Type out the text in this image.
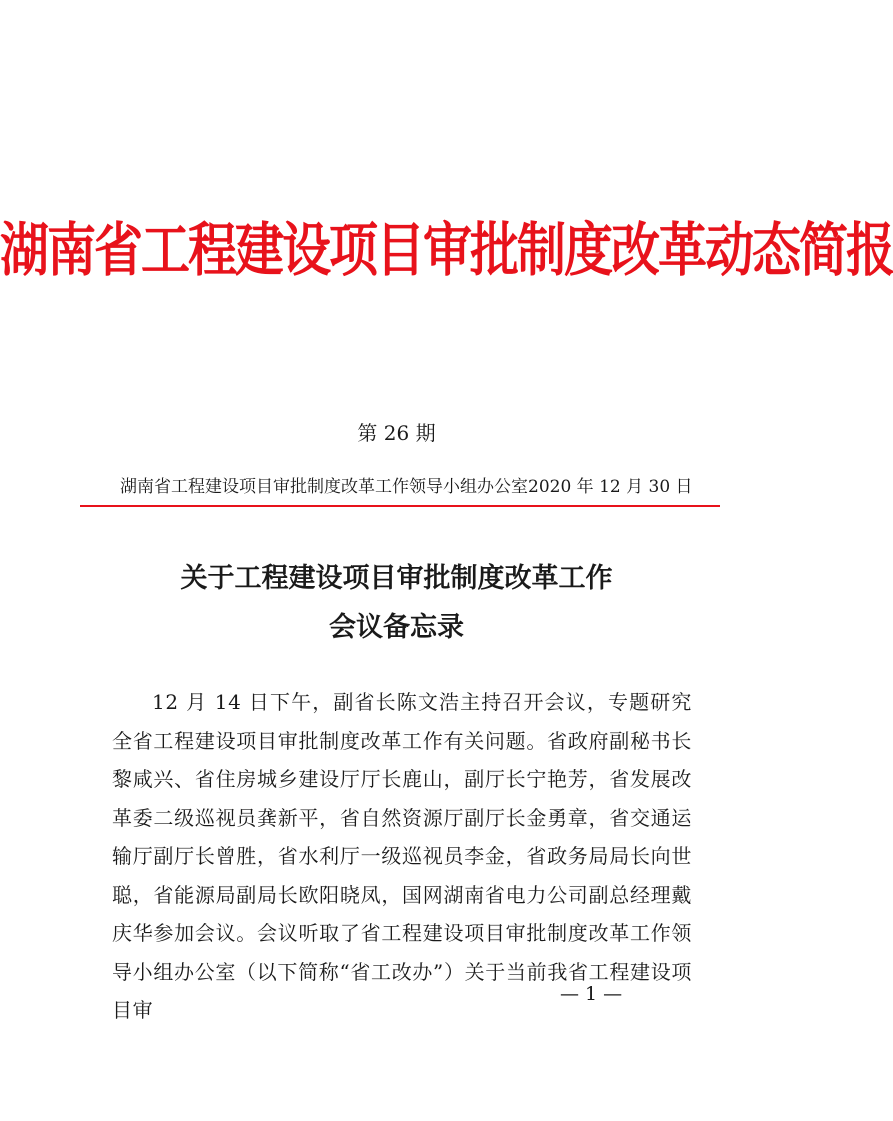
湖南省工程建设项目审批制度改革动态简报
第 26 期
湖南省工程建设项目审批制度改革工作领导小组办公室 2020 年 12 月 30 日
关于工程建设项目审批制度改革工作
会议备忘录

12 月 14 日下午，副省长陈文浩主持召开会议，专题研究全省工程建设项目审批制度改革工作有关问题。省政府副秘书长黎咸兴、省住房城乡建设厅厅长鹿山，副厅长宁艳芳，省发展改革委二级巡视员龚新平，省自然资源厅副厅长金勇章，省交通运输厅副厅长曾胜，省水利厅一级巡视员李金，省政务局局长向世聪，省能源局副局长欧阳晓凤，国网湖南省电力公司副总经理戴庆华参加会议。会议听取了省工程建设项目审批制度改革工作领导小组办公室（以下简称“省工改办”）关于当前我省工程建设项目审

— 1 —
